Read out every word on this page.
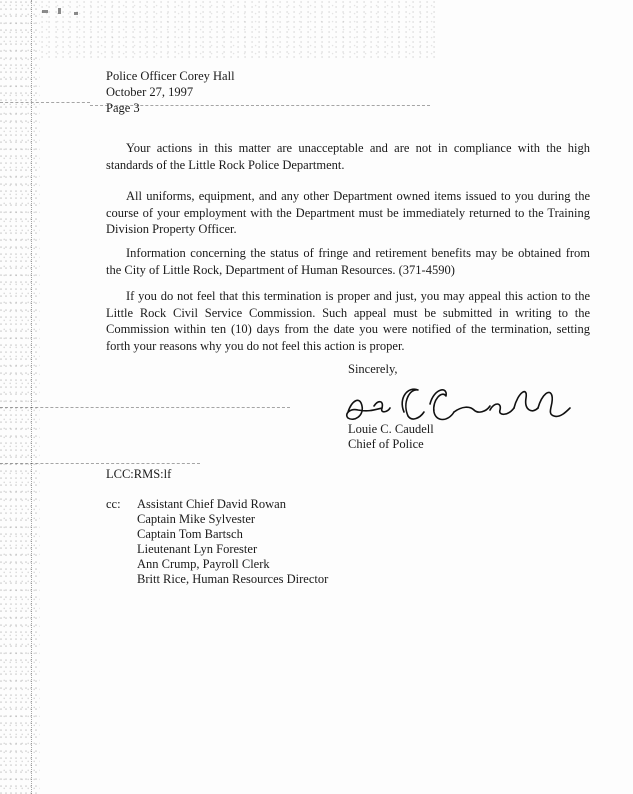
Police Officer Corey Hall
October 27, 1997
Page 3

Your actions in this matter are unacceptable and are not in compliance with the high standards of the Little Rock Police Department.

All uniforms, equipment, and any other Department owned items issued to you during the course of your employment with the Department must be immediately returned to the Training Division Property Officer.

Information concerning the status of fringe and retirement benefits may be obtained from the City of Little Rock, Department of Human Resources. (371-4590)

If you do not feel that this termination is proper and just, you may appeal this action to the Little Rock Civil Service Commission. Such appeal must be submitted in writing to the Commission within ten (10) days from the date you were notified of the termination, setting forth your reasons why you do not feel this action is proper.

Sincerely,
Louie C. Caudell
Chief of Police
LCC:RMS:lf
cc: Assistant Chief David Rowan
Captain Mike Sylvester
Captain Tom Bartsch
Lieutenant Lyn Forester
Ann Crump, Payroll Clerk
Britt Rice, Human Resources Director
